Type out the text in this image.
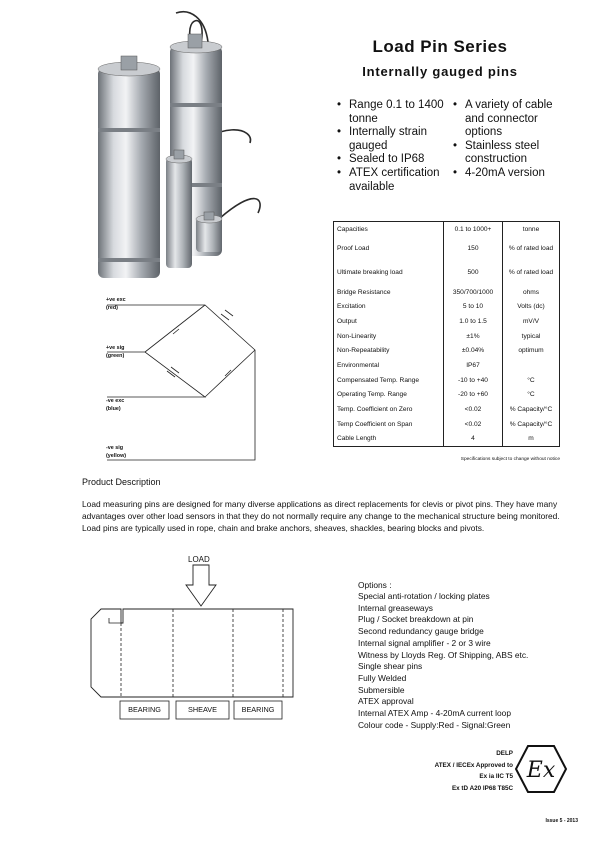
Load Pin Series
Internally gauged pins
• Range 0.1 to 1400 tonne
• Internally strain gauged
• Sealed to IP68
• ATEX certification available
• A variety of cable and connector options
• Stainless steel construction
• 4-20mA version
Capacities	0.1 to 1000+	tonne
Proof Load	150	% of rated load
Ultimate breaking load	500	% of rated load
Bridge Resistance	350/700/1000	ohms
Excitation	5 to 10	Volts (dc)
Output	1.0 to 1.5	mV/V
Non-Linearity	±1%	typical
Non-Repeatability	±0.04%	optimum
Environmental	IP67	
Compensated Temp. Range	-10 to +40	°C
Operating Temp. Range	-20 to +60	°C
Temp. Coefficient on Zero	<0.02	% Capacity/°C
Temp Coefficient on Span	<0.02	% Capacity/°C
Cable Length	4	m
Specifications subject to change without notice
+ve exc
(red)
+ve sig
(green)
-ve exc
(blue)
-ve sig
(yellow)
Product Description
Load measuring pins are designed for many diverse applications as direct replacements for clevis or pivot pins. They have many advantages over other load sensors in that they do not normally require any change to the mechanical structure being monitored. Load pins are typically used in rope, chain and brake anchors, sheaves, shackles, bearing blocks and pivots.
LOAD
BEARING	SHEAVE	BEARING
Options :
Special anti-rotation / locking plates
Internal greaseways
Plug / Socket breakdown at pin
Second redundancy gauge bridge
Internal signal amplifier - 2 or 3 wire
Witness by Lloyds Reg. Of Shipping, ABS etc.
Single shear pins
Fully Welded
Submersible
ATEX approval
Internal ATEX Amp - 4-20mA current loop
Colour code - Supply:Red - Signal:Green
DELP
ATEX / IECEx Approved to
Ex ia IIC T5
Ex tD A20 IP68 T85C
Ex
Issue 5 - 2013
